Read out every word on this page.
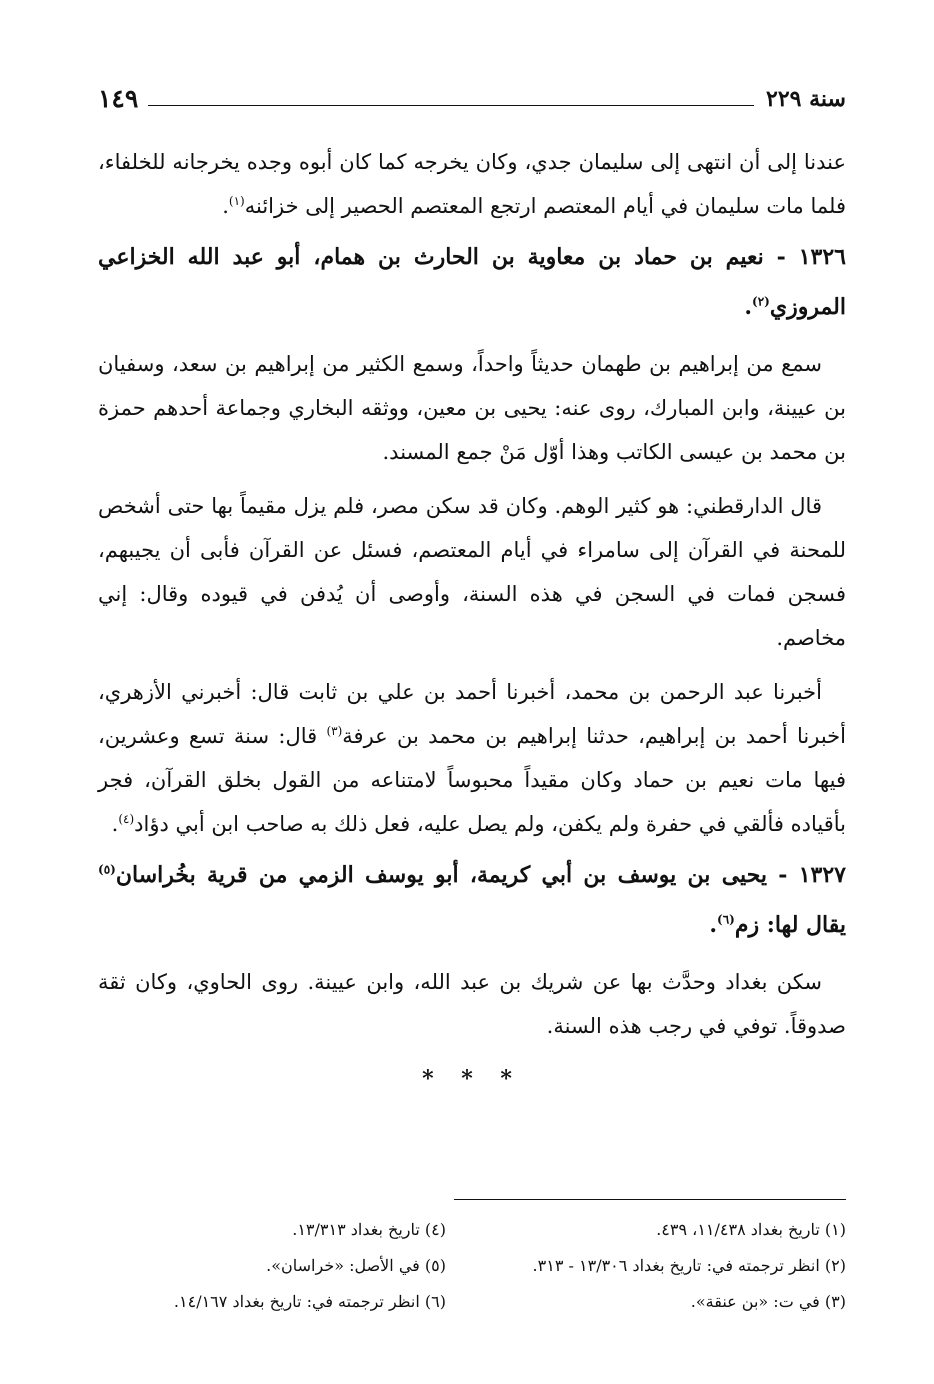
سنة ٢٢٩
١٤٩

عندنا إلى أن انتهى إلى سليمان جدي، وكان يخرجه كما كان أبوه وجده يخرجانه للخلفاء، فلما مات سليمان في أيام المعتصم ارتجع المعتصم الحصير إلى خزائنه$^{(١)}$.

١٣٢٦ - نعيم بن حماد بن معاوية بن الحارث بن همام، أبو عبد الله الخزاعي المروزي$^{(٢)}$.

سمع من إبراهيم بن طهمان حديثاً واحداً، وسمع الكثير من إبراهيم بن سعد، وسفيان بن عيينة، وابن المبارك، روى عنه: يحيى بن معين، ووثقه البخاري وجماعة أحدهم حمزة بن محمد بن عيسى الكاتب وهذا أوّل مَنْ جمع المسند.

قال الدارقطني: هو كثير الوهم. وكان قد سكن مصر، فلم يزل مقيماً بها حتى أشخص للمحنة في القرآن إلى سامراء في أيام المعتصم، فسئل عن القرآن فأبى أن يجيبهم، فسجن فمات في السجن في هذه السنة، وأوصى أن يُدفن في قيوده وقال: إني مخاصم.

أخبرنا عبد الرحمن بن محمد، أخبرنا أحمد بن علي بن ثابت قال: أخبرني الأزهري، أخبرنا أحمد بن إبراهيم، حدثنا إبراهيم بن محمد بن عرفة$^{(٣)}$ قال: سنة تسع وعشرين، فيها مات نعيم بن حماد وكان مقيداً محبوساً لامتناعه من القول بخلق القرآن، فجر بأقياده فألقي في حفرة ولم يكفن، ولم يصل عليه، فعل ذلك به صاحب ابن أبي دؤاد$^{(٤)}$.

١٣٢٧ - يحيى بن يوسف بن أبي كريمة، أبو يوسف الزمي من قرية بخُراسان$^{(٥)}$ يقال لها: زم$^{(٦)}$.

سكن بغداد وحدَّث بها عن شريك بن عبد الله، وابن عيينة. روى الحاوي، وكان ثقة صدوقاً. توفي في رجب هذه السنة.

* * *
(١) تاريخ بغداد ١١/٤٣٨، ٤٣٩.
(٢) انظر ترجمته في: تاريخ بغداد ١٣/٣٠٦ - ٣١٣.
(٣) في ت: «بن عنقة».
(٤) تاريخ بغداد ١٣/٣١٣.
(٥) في الأصل: «خراسان».
(٦) انظر ترجمته في: تاريخ بغداد ١٤/١٦٧.
